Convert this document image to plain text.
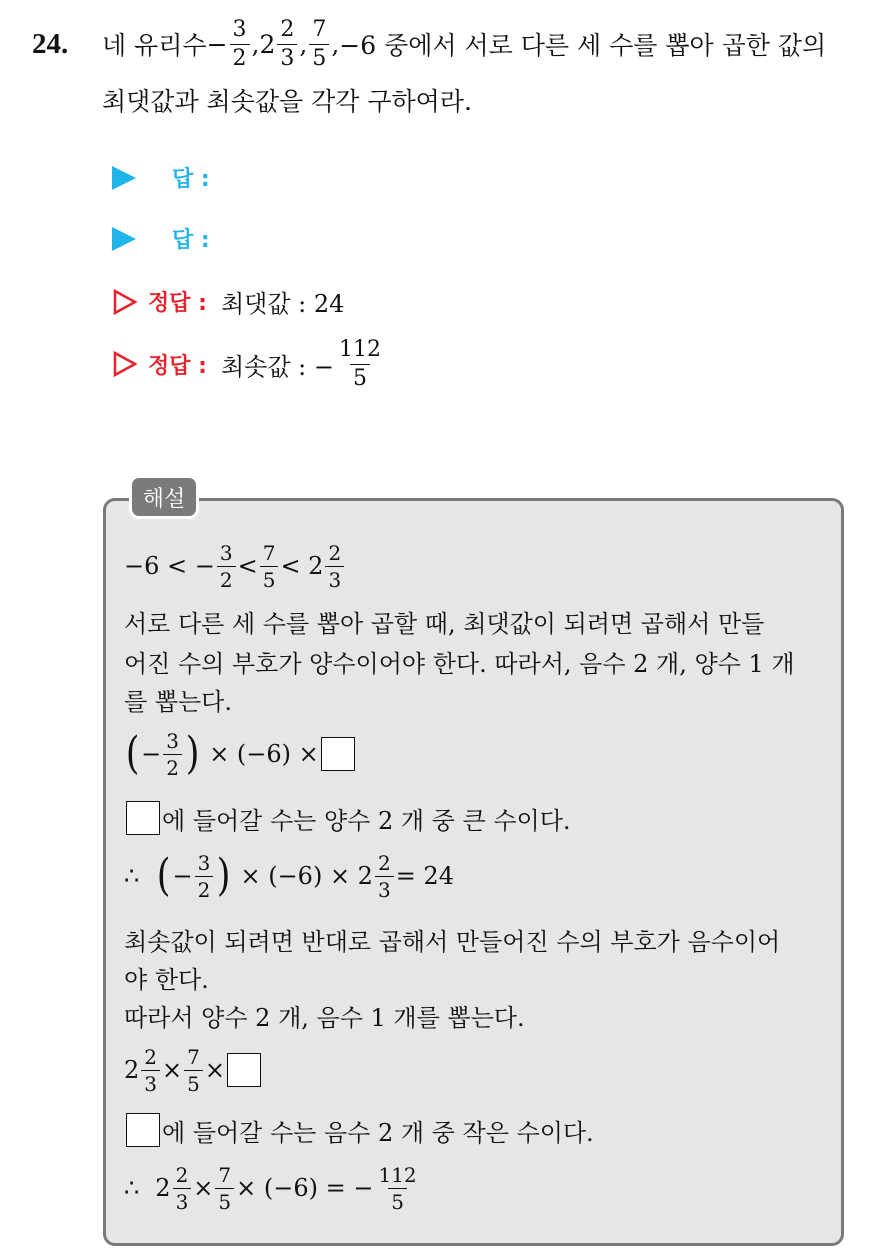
24. 네 유리수 − $\frac{3}{2}$ , $2 \frac{2}{3}$ , $\frac{7}{5}$ , −6 중에서 서로 다른 세 수를 뽑아 곱한 값의
최댓값과 최솟값을 각각 구하여라.
답 :
답 :
정답 : 최댓값 : 24
정답 : 최솟값 : − $\frac{112}{5}$
해설
−6 < − $\frac{3}{2} < \frac{7}{5} < 2 \frac{2}{3}$
서로 다른 세 수를 뽑아 곱할 때, 최댓값이 되려면 곱해서 만들
어진 수의 부호가 양수이어야 한다. 따라서, 음수 2 개, 양수 1 개
를 뽑는다.
( − $\frac{3}{2}$ ) × (−6) ×
에 들어갈 수는 양수 2 개 중 큰 수이다.
∴ ( − $\frac{3}{2}$ ) × $(-6) \times 2 \frac{2}{3} = 24$
최솟값이 되려면 반대로 곱해서 만들어진 수의 부호가 음수이어
야 한다.
따라서 양수 2 개, 음수 1 개를 뽑는다.
$2 \frac{2}{3} \times \frac{7}{5}$ ×
에 들어갈 수는 음수 2 개 중 작은 수이다.
∴ $2 \frac{2}{3} \times \frac{7}{5} \times (-6)$ = − $\frac{112}{5}$
